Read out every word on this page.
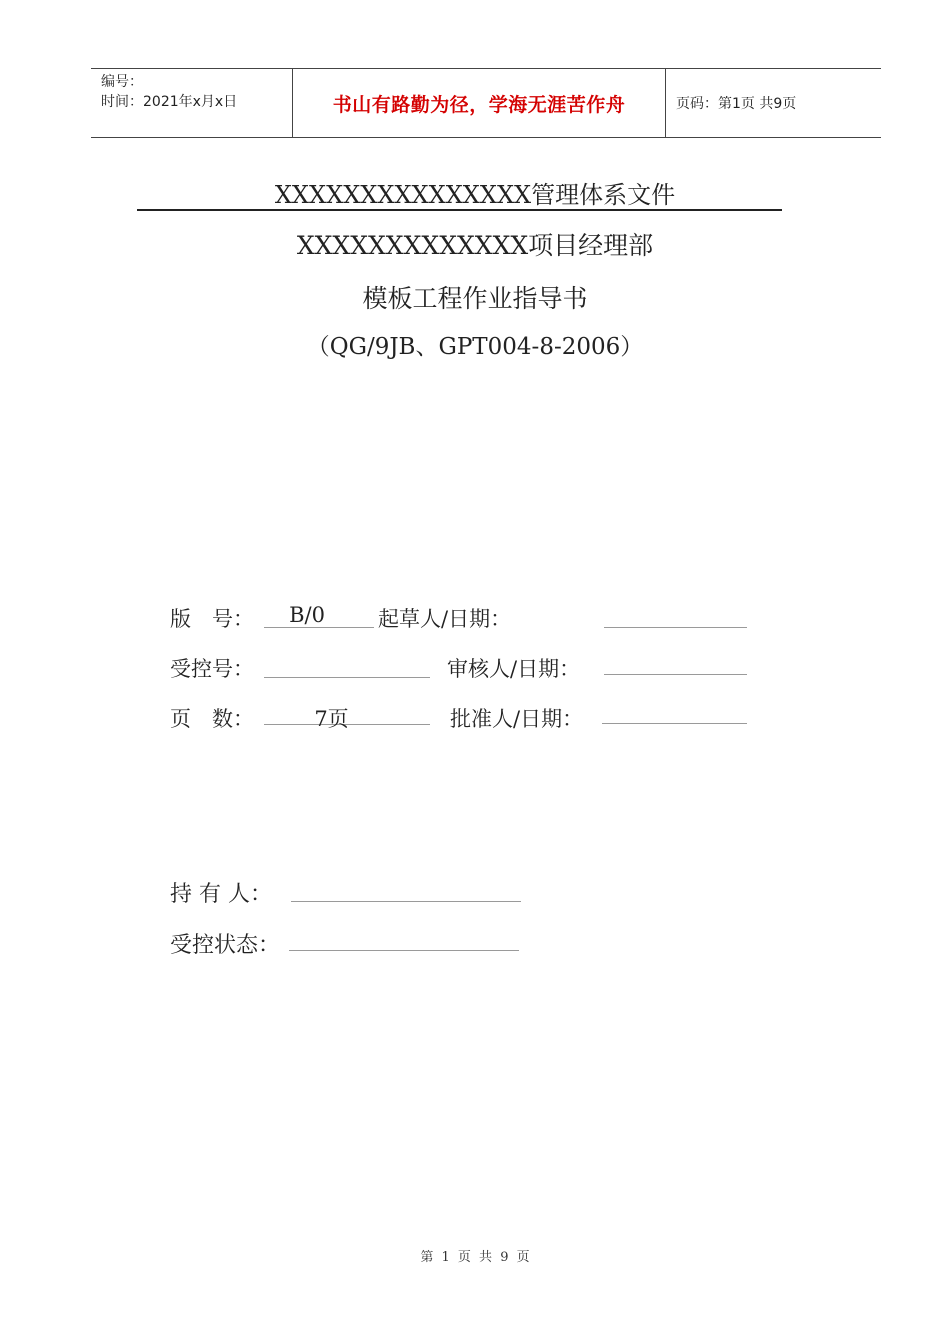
编号：
时间：2021年x月x日	书山有路勤为径，学海无涯苦作舟	页码：第1页 共9页
XXXXXXXXXXXXXXX管理体系文件
XXXXXXXXXXXXX项目经理部
模板工程作业指导书
（QG/9JB、GPT004-8-2006）
版　号：	B/0	起草人/日期：
受控号：	审核人/日期：
页　数：	7页	批准人/日期：
持 有 人：
受控状态：
第 1 页 共 9 页
